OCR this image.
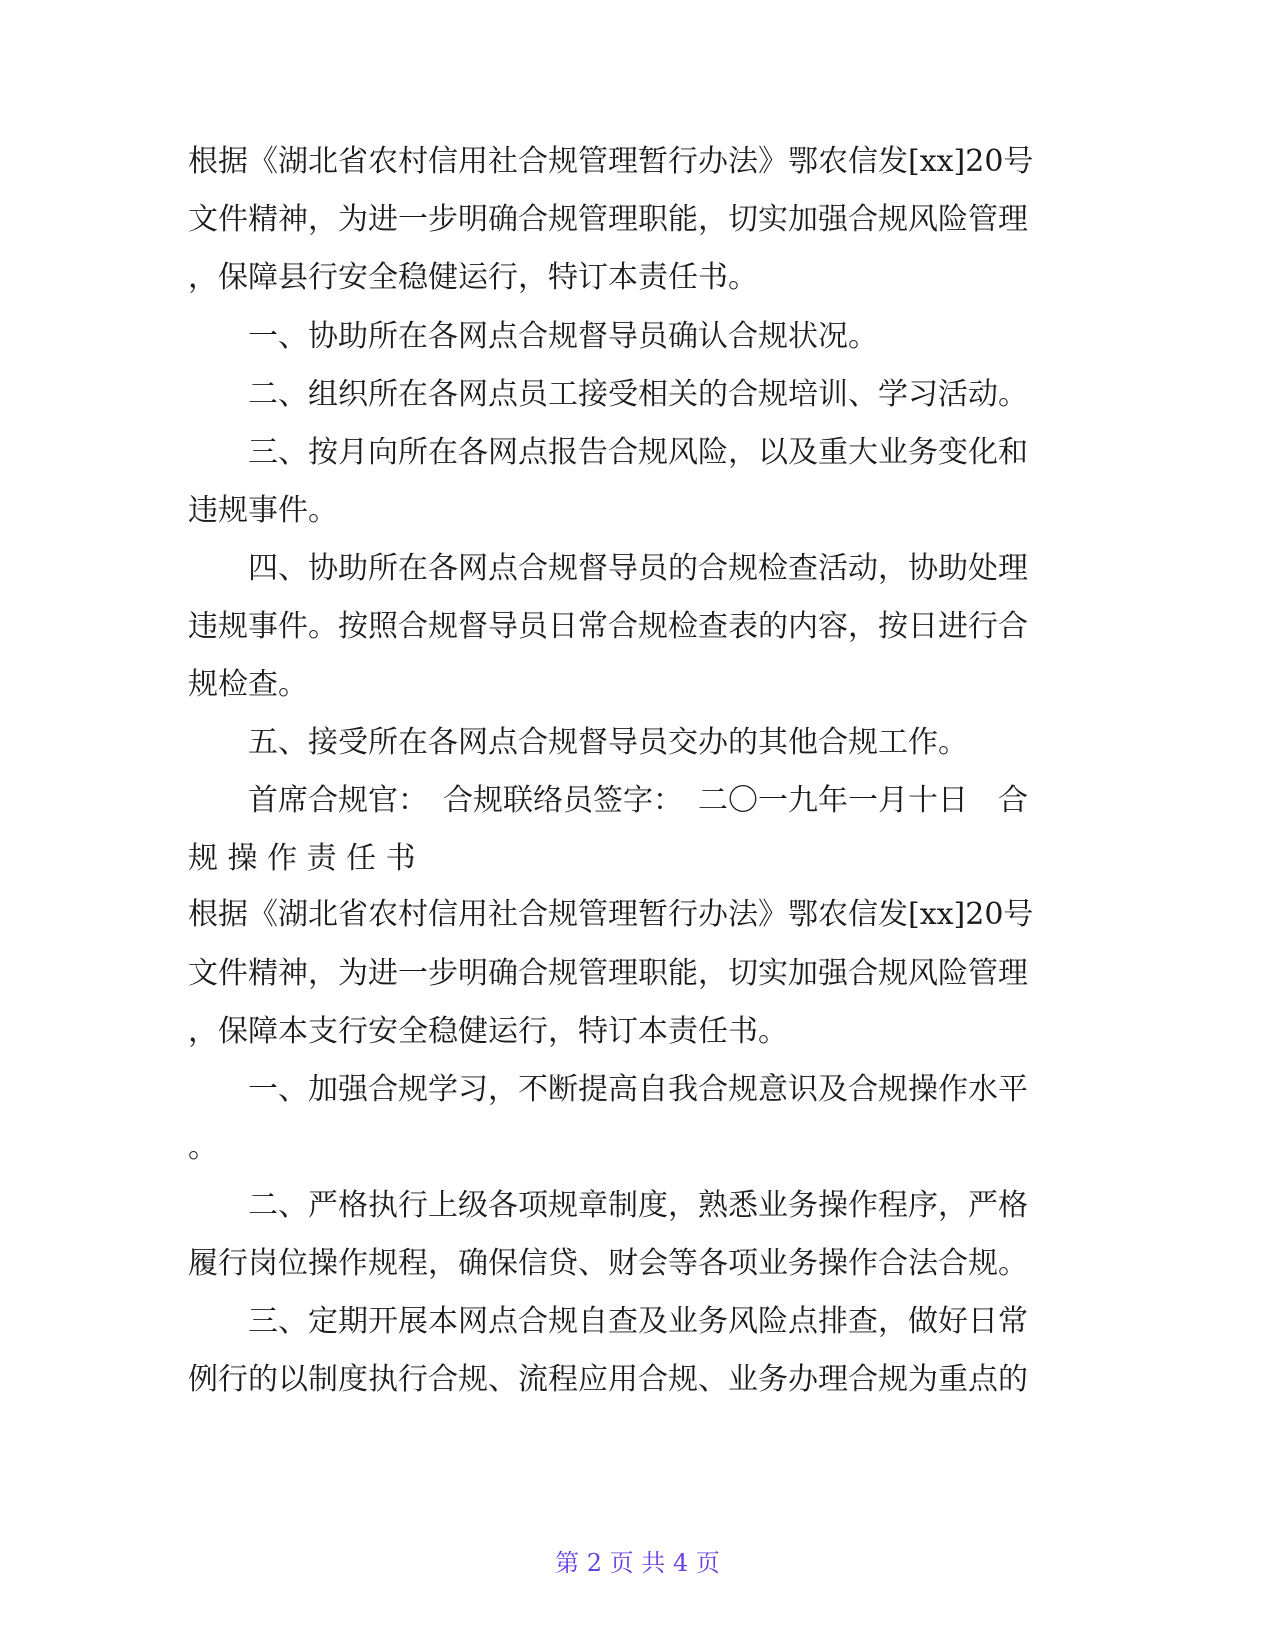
根据《湖北省农村信用社合规管理暂行办法》鄂农信发[xx]20号
文件精神，为进一步明确合规管理职能，切实加强合规风险管理
，保障县行安全稳健运行，特订本责任书。
　　一、协助所在各网点合规督导员确认合规状况。
　　二、组织所在各网点员工接受相关的合规培训、学习活动。
　　三、按月向所在各网点报告合规风险，以及重大业务变化和
违规事件。
　　四、协助所在各网点合规督导员的合规检查活动，协助处理
违规事件。按照合规督导员日常合规检查表的内容，按日进行合
规检查。
　　五、接受所在各网点合规督导员交办的其他合规工作。
　　首席合规官：　合规联络员签字：　二〇一九年一月十日　合
规 操 作 责 任 书
根据《湖北省农村信用社合规管理暂行办法》鄂农信发[xx]20号
文件精神，为进一步明确合规管理职能，切实加强合规风险管理
，保障本支行安全稳健运行，特订本责任书。
　　一、加强合规学习，不断提高自我合规意识及合规操作水平
。
　　二、严格执行上级各项规章制度，熟悉业务操作程序，严格
履行岗位操作规程，确保信贷、财会等各项业务操作合法合规。
　　三、定期开展本网点合规自查及业务风险点排查，做好日常
例行的以制度执行合规、流程应用合规、业务办理合规为重点的
第 2 页 共 4 页
